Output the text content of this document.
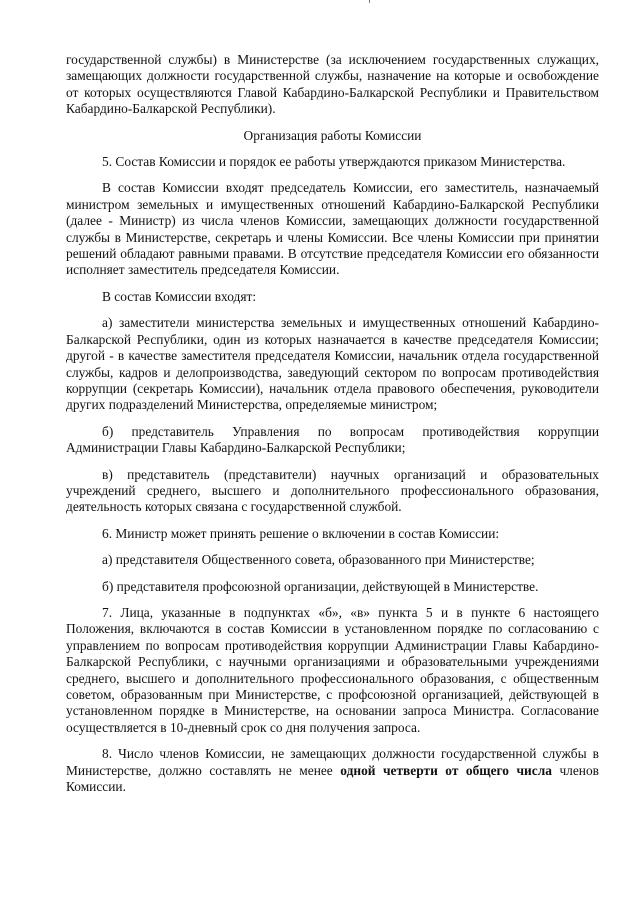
государственной службы) в Министерстве (за исключением государственных служащих, замещающих должности государственной службы, назначение на которые и освобождение от которых осуществляются Главой Кабардино-Балкарской Республики и Правительством Кабардино-Балкарской Республики).

Организация работы Комиссии

5. Состав Комиссии и порядок ее работы утверждаются приказом Министерства.

В состав Комиссии входят председатель Комиссии, его заместитель, назначаемый министром земельных и имущественных отношений Кабардино-Балкарской Республики (далее - Министр) из числа членов Комиссии, замещающих должности государственной службы в Министерстве, секретарь и члены Комиссии. Все члены Комиссии при принятии решений обладают равными правами. В отсутствие председателя Комиссии его обязанности исполняет заместитель председателя Комиссии.

В состав Комиссии входят:

а) заместители министерства земельных и имущественных отношений Кабардино-Балкарской Республики, один из которых назначается в качестве председателя Комиссии; другой - в качестве заместителя председателя Комиссии, начальник отдела государственной службы, кадров и делопроизводства, заведующий сектором по вопросам противодействия коррупции (секретарь Комиссии), начальник отдела правового обеспечения, руководители других подразделений Министерства, определяемые министром;

б) представитель Управления по вопросам противодействия коррупции Администрации Главы Кабардино-Балкарской Республики;

в) представитель (представители) научных организаций и образовательных учреждений среднего, высшего и дополнительного профессионального образования, деятельность которых связана с государственной службой.

6. Министр может принять решение о включении в состав Комиссии:

а) представителя Общественного совета, образованного при Министерстве;

б) представителя профсоюзной организации, действующей в Министерстве.

7. Лица, указанные в подпунктах «б», «в» пункта 5 и в пункте 6 настоящего Положения, включаются в состав Комиссии в установленном порядке по согласованию с управлением по вопросам противодействия коррупции Администрации Главы Кабардино-Балкарской Республики, с научными организациями и образовательными учреждениями среднего, высшего и дополнительного профессионального образования, с общественным советом, образованным при Министерстве, с профсоюзной организацией, действующей в установленном порядке в Министерстве, на основании запроса Министра. Согласование осуществляется в 10-дневный срок со дня получения запроса.

8. Число членов Комиссии, не замещающих должности государственной службы в Министерстве, должно составлять не менее одной четверти от общего числа членов Комиссии.
